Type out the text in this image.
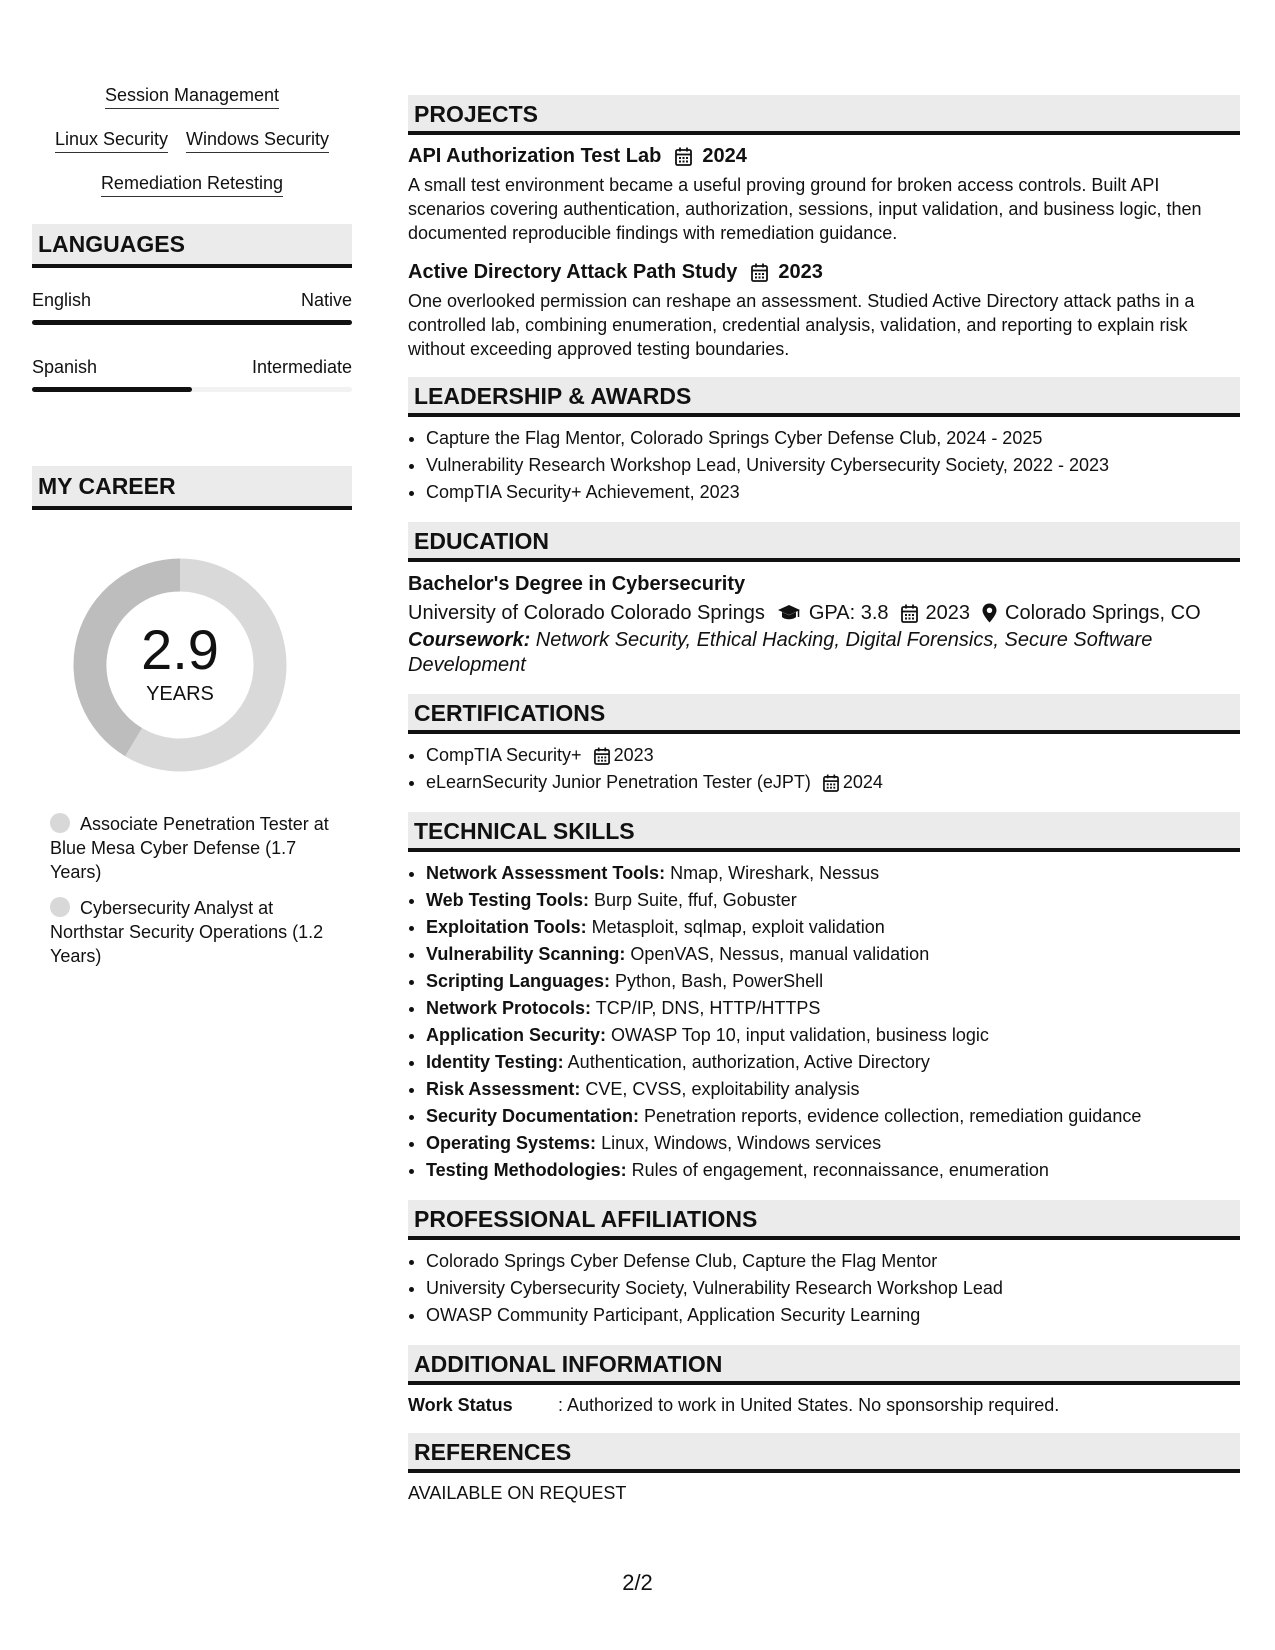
Session Management
Linux Security Windows Security
Remediation Retesting
LANGUAGES
English	Native
Spanish	Intermediate
MY CAREER
2.9
YEARS
Associate Penetration Tester at Blue Mesa Cyber Defense (1.7 Years)
Cybersecurity Analyst at Northstar Security Operations (1.2 Years)
PROJECTS
API Authorization Test Lab 2024
A small test environment became a useful proving ground for broken access controls. Built API scenarios covering authentication, authorization, sessions, input validation, and business logic, then documented reproducible findings with remediation guidance.
Active Directory Attack Path Study 2023
One overlooked permission can reshape an assessment. Studied Active Directory attack paths in a controlled lab, combining enumeration, credential analysis, validation, and reporting to explain risk without exceeding approved testing boundaries.
LEADERSHIP & AWARDS
• Capture the Flag Mentor, Colorado Springs Cyber Defense Club, 2024 - 2025
• Vulnerability Research Workshop Lead, University Cybersecurity Society, 2022 - 2023
• CompTIA Security+ Achievement, 2023
EDUCATION
Bachelor's Degree in Cybersecurity
University of Colorado Colorado Springs GPA: 3.8 2023 Colorado Springs, CO
Coursework: Network Security, Ethical Hacking, Digital Forensics, Secure Software Development
CERTIFICATIONS
• CompTIA Security+ 2023
• eLearnSecurity Junior Penetration Tester (eJPT) 2024
TECHNICAL SKILLS
• Network Assessment Tools: Nmap, Wireshark, Nessus
• Web Testing Tools: Burp Suite, ffuf, Gobuster
• Exploitation Tools: Metasploit, sqlmap, exploit validation
• Vulnerability Scanning: OpenVAS, Nessus, manual validation
• Scripting Languages: Python, Bash, PowerShell
• Network Protocols: TCP/IP, DNS, HTTP/HTTPS
• Application Security: OWASP Top 10, input validation, business logic
• Identity Testing: Authentication, authorization, Active Directory
• Risk Assessment: CVE, CVSS, exploitability analysis
• Security Documentation: Penetration reports, evidence collection, remediation guidance
• Operating Systems: Linux, Windows, Windows services
• Testing Methodologies: Rules of engagement, reconnaissance, enumeration
PROFESSIONAL AFFILIATIONS
• Colorado Springs Cyber Defense Club, Capture the Flag Mentor
• University Cybersecurity Society, Vulnerability Research Workshop Lead
• OWASP Community Participant, Application Security Learning
ADDITIONAL INFORMATION
Work Status	: Authorized to work in United States. No sponsorship required.
REFERENCES
AVAILABLE ON REQUEST
2/2
